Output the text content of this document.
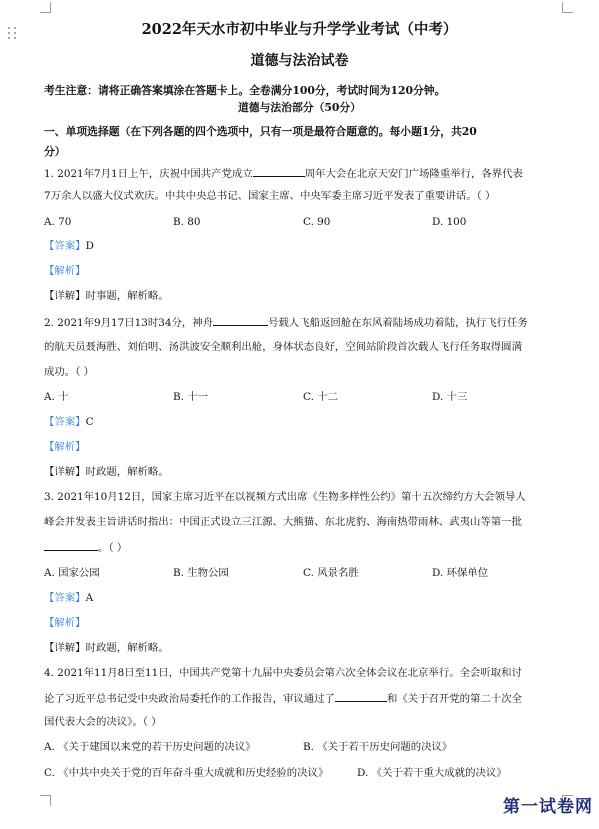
2022年天水市初中毕业与升学学业考试（中考）
道德与法治试卷
考生注意：请将正确答案填涂在答题卡上。全卷满分100分，考试时间为120分钟。
道德与法治部分（50分）
一、单项选择题（在下列各题的四个选项中，只有一项是最符合题意的。每小题1分，共20
分）
1. 2021年7月1日上午，庆祝中国共产党成立	周年大会在北京天安门广场隆重举行，各界代表
7万余人以盛大仪式欢庆。中共中央总书记、国家主席、中央军委主席习近平发表了重要讲话。（ ）
A. 70	B. 80	C. 90	D. 100
【答案】D
【解析】
【详解】时事题，解析略。
2. 2021年9月17日13时34分，神舟	号载人飞船返回舱在东风着陆场成功着陆，执行飞行任务
的航天员聂海胜、刘伯明、汤洪波安全顺利出舱，身体状态良好，空间站阶段首次载人飞行任务取得圆满
成功。（ ）
A. 十	B. 十一	C. 十二	D. 十三
【答案】C
【解析】
【详解】时政题，解析略。
3. 2021年10月12日，国家主席习近平在以视频方式出席《生物多样性公约》第十五次缔约方大会领导人
峰会并发表主旨讲话时指出：中国正式设立三江源、大熊猫、东北虎豹、海南热带雨林、武夷山等第一批
。（ ）
A. 国家公园	B. 生物公园	C. 风景名胜	D. 环保单位
【答案】A
【解析】
【详解】时政题，解析略。
4. 2021年11月8日至11日，中国共产党第十九届中央委员会第六次全体会议在北京举行。全会听取和讨
论了习近平总书记受中央政治局委托作的工作报告，审议通过了	和《关于召开党的第二十次全
国代表大会的决议》。（ ）
A. 《关于建国以来党的若干历史问题的决议》	B. 《关于若干历史问题的决议》
C. 《中共中央关于党的百年奋斗重大成就和历史经验的决议》	D. 《关于若干重大成就的决议》
第一试卷网
